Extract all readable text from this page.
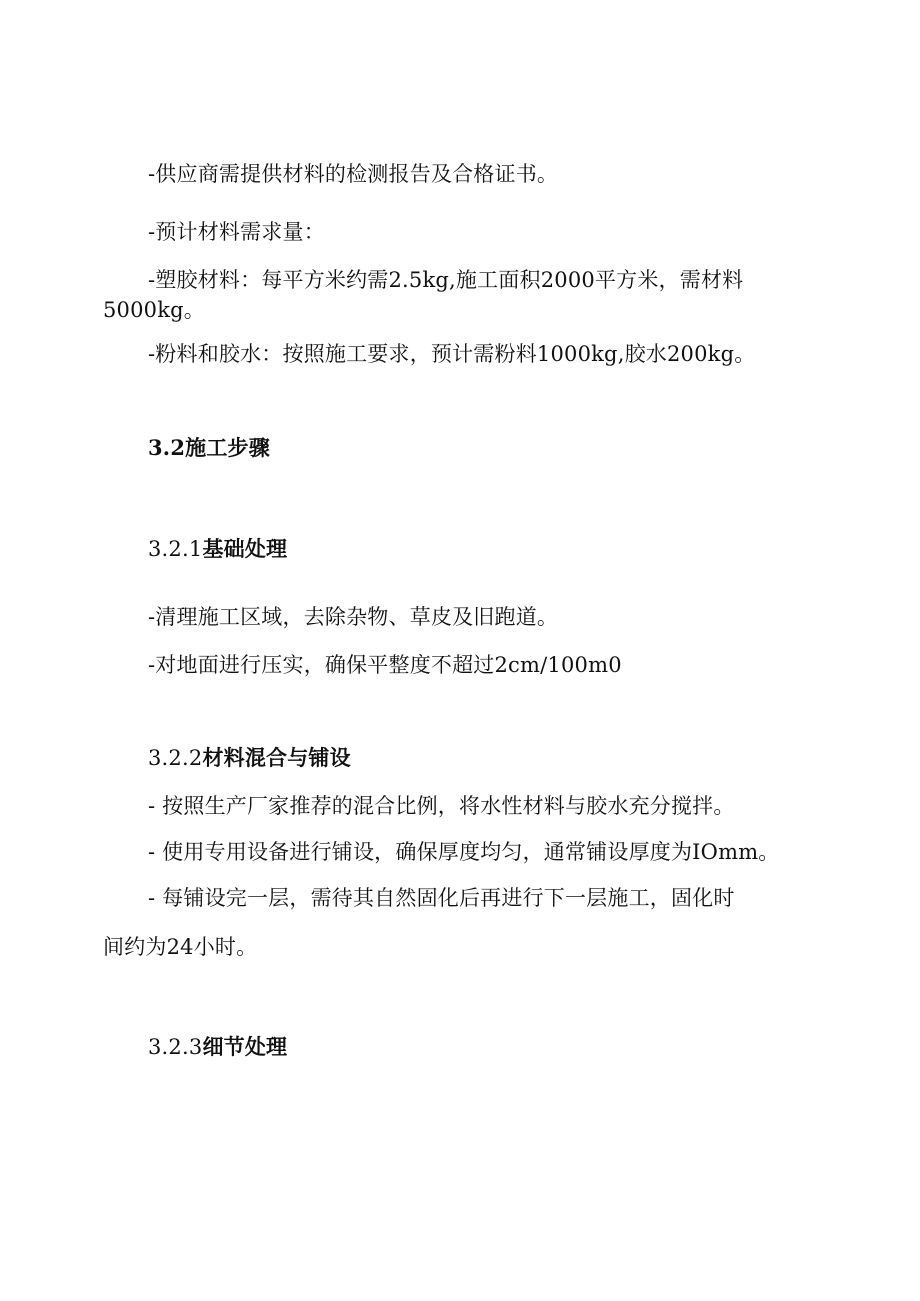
-供应商需提供材料的检测报告及合格证书。
-预计材料需求量：
-塑胶材料：每平方米约需2.5kg,施工面积2000平方米，需材料
5000kg。
-粉料和胶水：按照施工要求，预计需粉料1000kg,胶水200kg。
3.2施工步骤
3.2.1基础处理
-清理施工区域，去除杂物、草皮及旧跑道。
-对地面进行压实，确保平整度不超过2cm∕100m0
3.2.2材料混合与铺设
- 按照生产厂家推荐的混合比例，将水性材料与胶水充分搅拌。
- 使用专用设备进行铺设，确保厚度均匀，通常铺设厚度为IOmm。
- 每铺设完一层，需待其自然固化后再进行下一层施工，固化时
间约为24小时。
3.2.3细节处理
